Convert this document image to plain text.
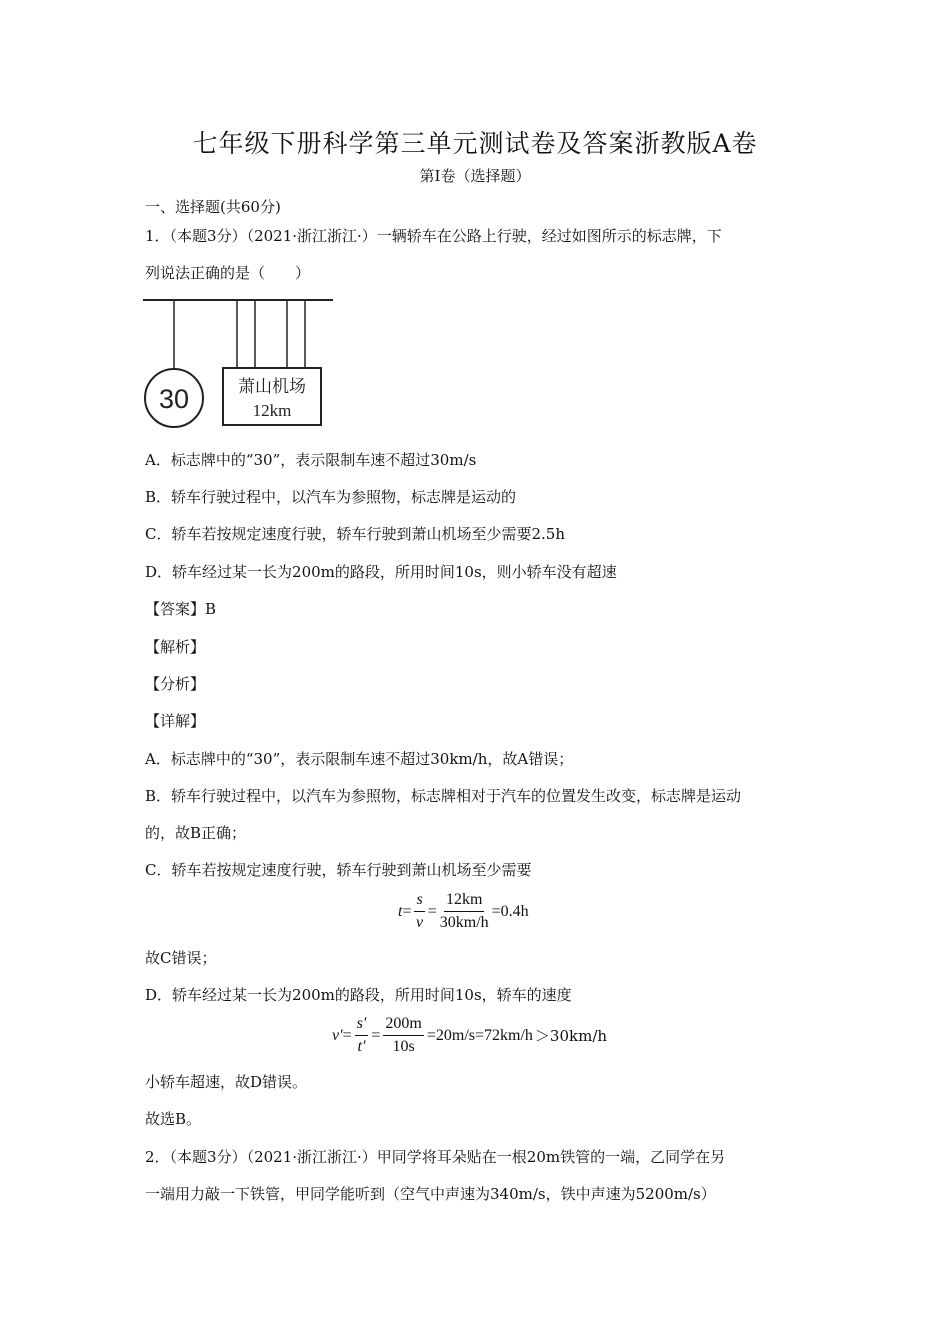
七年级下册科学第三单元测试卷及答案浙教版A卷
第I卷（选择题）
一、选择题(共60分)
1．（本题3分）（2021·浙江浙江·）一辆轿车在公路上行驶，经过如图所示的标志牌，下
列说法正确的是（　　）
30	萧山机场
12km
A．标志牌中的“30”，表示限制车速不超过30m/s
B．轿车行驶过程中，以汽车为参照物，标志牌是运动的
C．轿车若按规定速度行驶，轿车行驶到萧山机场至少需要2.5h
D．轿车经过某一长为200m的路段，所用时间10s，则小轿车没有超速
【答案】B
【解析】
【分析】
【详解】
A．标志牌中的“30”，表示限制车速不超过30km/h，故A错误；
B．轿车行驶过程中，以汽车为参照物，标志牌相对于汽车的位置发生改变，标志牌是运动
的，故B正确；
C．轿车若按规定速度行驶，轿车行驶到萧山机场至少需要
$t = \frac{s}{v} = \frac{12km}{30km/h} =0.4h$
故C错误；
D．轿车经过某一长为200m的路段，所用时间10s，轿车的速度
$v' = \frac{s'}{t'} = \frac{200m}{10s} =20m/s=72km/h >30km/h$
小轿车超速，故D错误。
故选B。
2．（本题3分）（2021·浙江浙江·）甲同学将耳朵贴在一根20m铁管的一端，乙同学在另
一端用力敲一下铁管，甲同学能听到（空气中声速为340m/s，铁中声速为5200m/s）
